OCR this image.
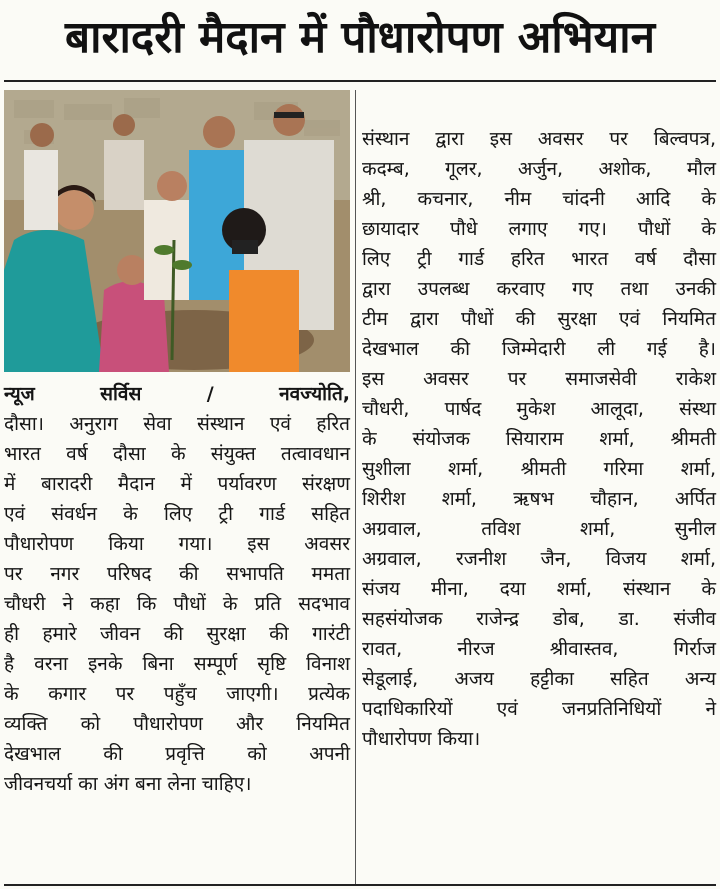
बारादरी मैदान में पौधारोपण अभियान
न्यूज सर्विस / नवज्योति,
दौसा। अनुराग सेवा संस्थान एवं हरित
भारत वर्ष दौसा के संयुक्त तत्वावधान
में बारादरी मैदान में पर्यावरण संरक्षण
एवं संवर्धन के लिए ट्री गार्ड सहित
पौधारोपण किया गया। इस अवसर
पर नगर परिषद की सभापति ममता
चौधरी ने कहा कि पौधों के प्रति सदभाव
ही हमारे जीवन की सुरक्षा की गारंटी
है वरना इनके बिना सम्पूर्ण सृष्टि विनाश
के कगार पर पहुँच जाएगी। प्रत्येक
व्यक्ति को पौधारोपण और नियमित
देखभाल की प्रवृत्ति को अपनी
जीवनचर्या का अंग बना लेना चाहिए।
संस्थान द्वारा इस अवसर पर बिल्वपत्र,
कदम्ब, गूलर, अर्जुन, अशोक, मौल
श्री, कचनार, नीम चांदनी आदि के
छायादार पौधे लगाए गए। पौधों के
लिए ट्री गार्ड हरित भारत वर्ष दौसा
द्वारा उपलब्ध करवाए गए तथा उनकी
टीम द्वारा पौधों की सुरक्षा एवं नियमित
देखभाल की जिम्मेदारी ली गई है।
इस अवसर पर समाजसेवी राकेश
चौधरी, पार्षद मुकेश आलूदा, संस्था
के संयोजक सियाराम शर्मा, श्रीमती
सुशीला शर्मा, श्रीमती गरिमा शर्मा,
शिरीश शर्मा, ऋषभ चौहान, अर्पित
अग्रवाल, तविश शर्मा, सुनील
अग्रवाल, रजनीश जैन, विजय शर्मा,
संजय मीना, दया शर्मा, संस्थान के
सहसंयोजक राजेन्द्र डोब, डा. संजीव
रावत, नीरज श्रीवास्तव, गिर्राज
सेडूलाई, अजय हट्टीका सहित अन्य
पदाधिकारियों एवं जनप्रतिनिधियों ने
पौधारोपण किया।
